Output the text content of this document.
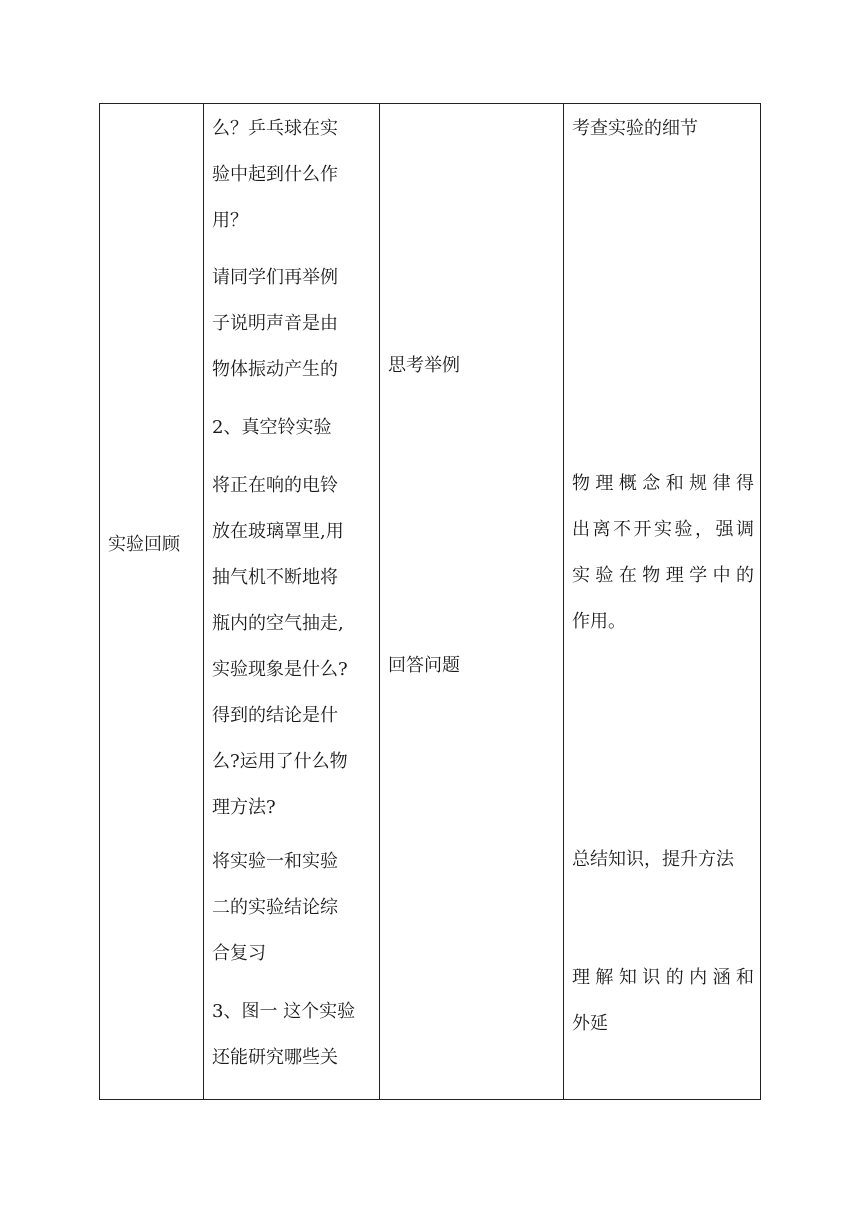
实验回顾
么？乒乓球在实
验中起到什么作
用？
请同学们再举例
子说明声音是由
物体振动产生的
2、真空铃实验
将正在响的电铃
放在玻璃罩里,用
抽气机不断地将
瓶内的空气抽走,
实验现象是什么?
得到的结论是什
么?运用了什么物
理方法?
将实验一和实验
二的实验结论综
合复习
3、图一 这个实验
还能研究哪些关
思考举例
回答问题
考查实验的细节
物理概念和规律得
出离不开实验，强调
实验在物理学中的
作用。
总结知识，提升方法
理解知识的内涵和
外延
